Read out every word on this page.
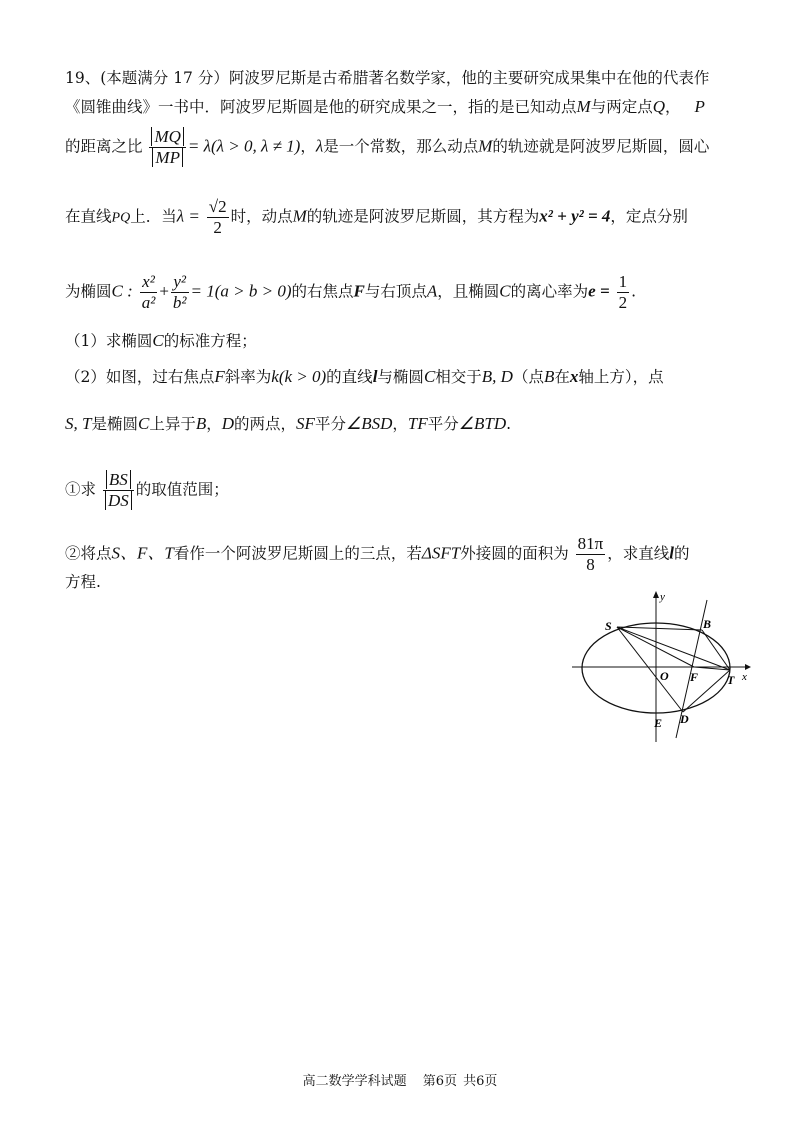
19、(本题满分 17 分）阿波罗尼斯是古希腊著名数学家，他的主要研究成果集中在他的代表作
《圆锥曲线》一书中．阿波罗尼斯圆是他的研究成果之一，指的是已知动点M与两定点Q， P
的距离之比 $\frac{MQ}{MP} = \lambda(\lambda > 0$, λ ≠ 1)，λ是一个常数，那么动点M的轨迹就是阿波罗尼斯圆，圆心
在直线PQ上．当$\lambda = \frac{√2}{2}$ 时，动点M的轨迹是阿波罗尼斯圆，其方程为x² + y² = 4，定点分别
为椭圆C : $\frac{\text{x²}}{\text{a²}} + \frac{\text{y²}}{\text{b²}} = 1(a > b > 0)$的右焦点F与右顶点A，且椭圆C的离心率为$e = \frac{1}{2}$ .
（1）求椭圆C的标准方程；
（2）如图，过右焦点F斜率为k(k > 0)的直线l与椭圆C相交于B, D（点B在x轴上方），点
S, T是椭圆C上异于B，D的两点，SF平分∠BSD，TF平分∠BTD.
①求 $\frac{BS}{DS}$ 的取值范围；
②将点S、F、T看作一个阿波罗尼斯圆上的三点，若ΔSFT外接圆的面积为 $\frac{81\pi}{8}$ ，求直线l的
方程.
y
x
S	B
O F T
E D
高二数学学科试题 第6页 共6页
